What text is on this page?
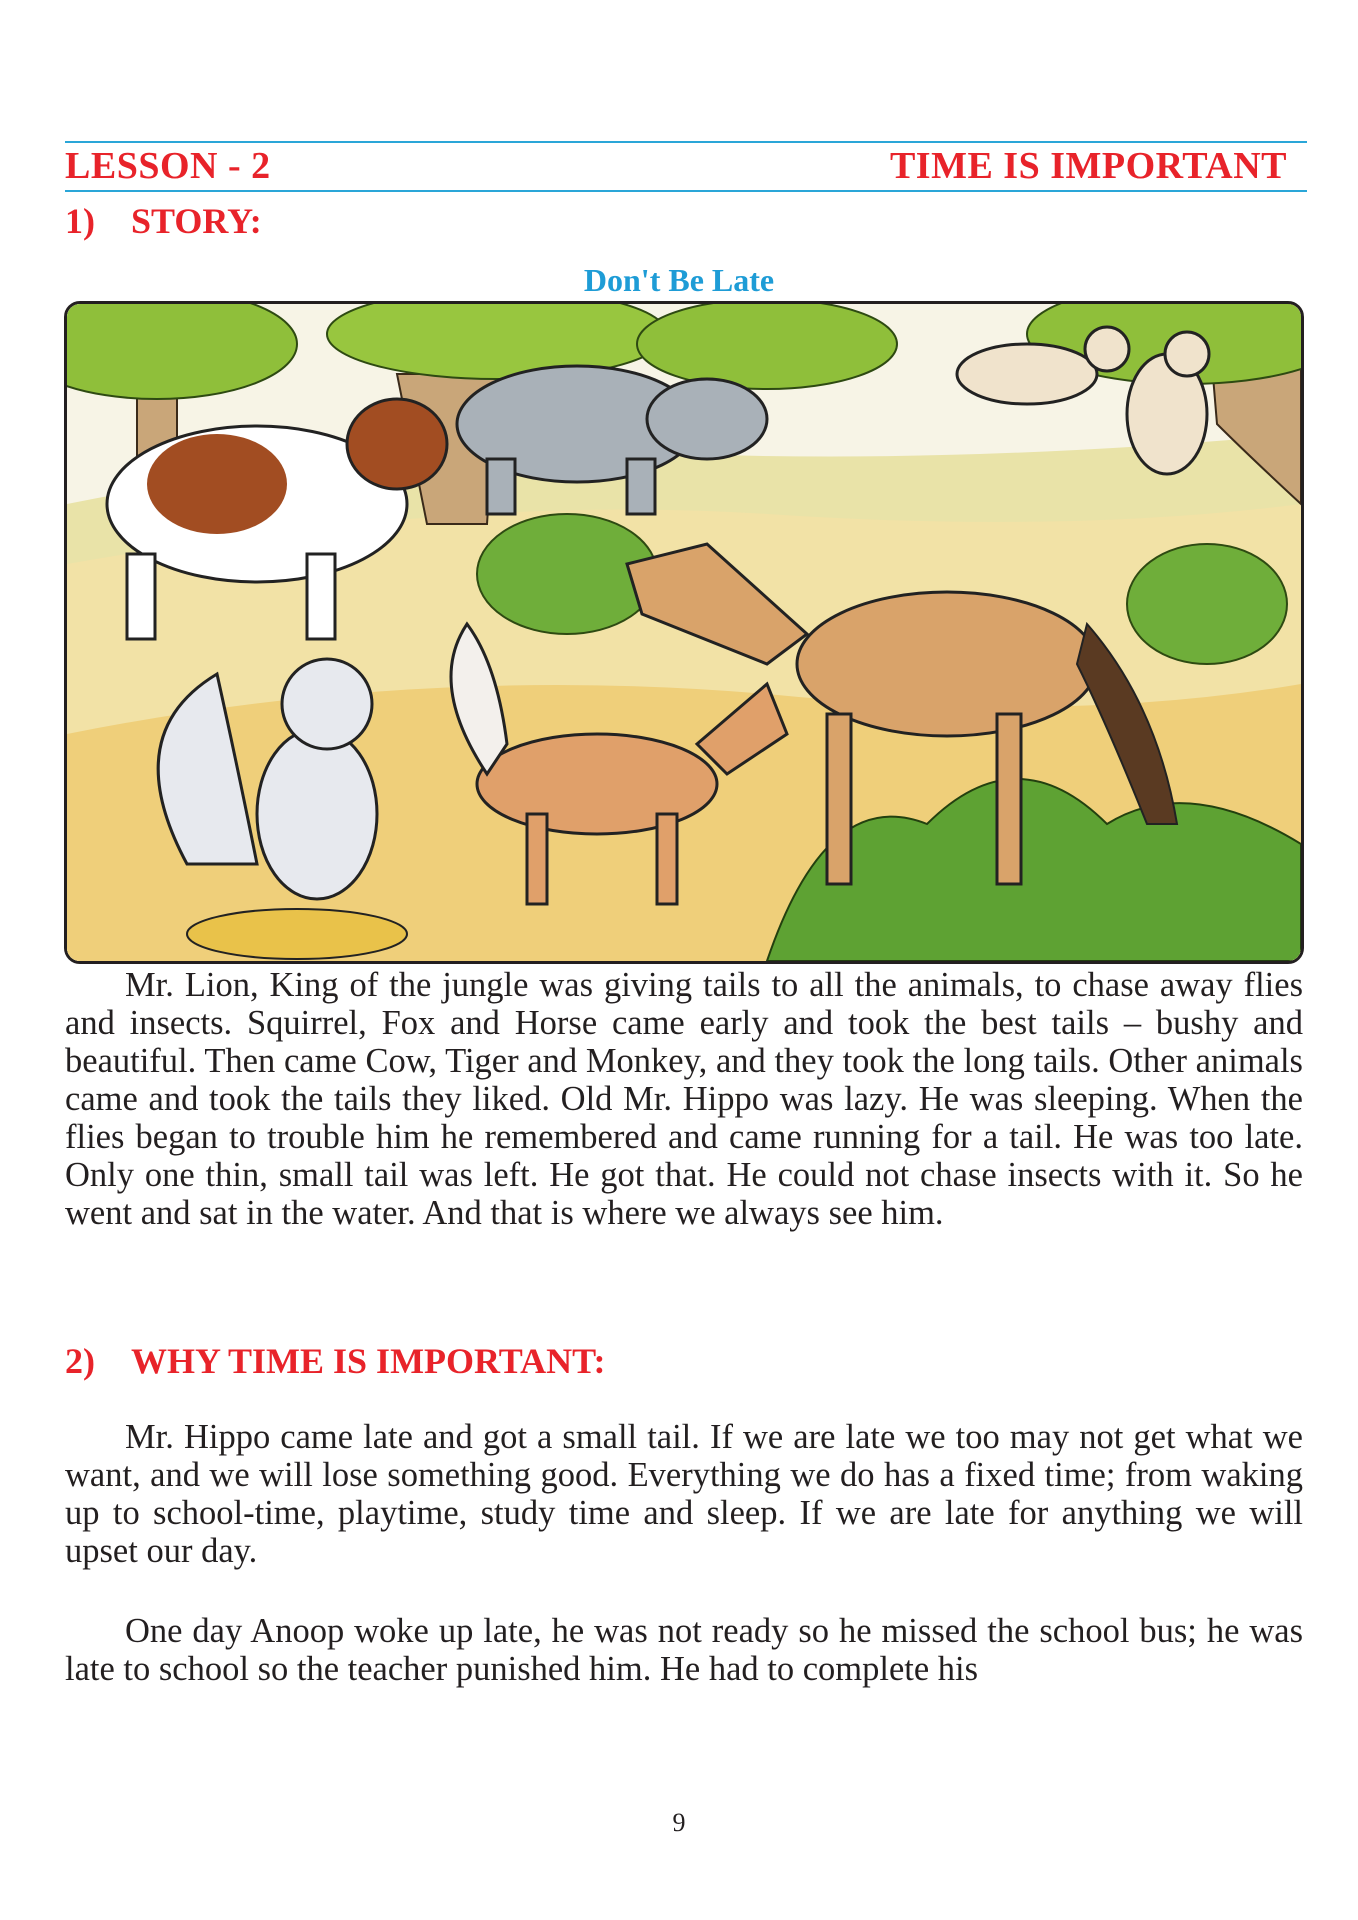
LESSON - 2	TIME IS IMPORTANT
1) STORY:
Don't Be Late

Mr. Lion, King of the jungle was giving tails to all the animals, to chase away flies and insects. Squirrel, Fox and Horse came early and took the best tails – bushy and beautiful. Then came Cow, Tiger and Monkey, and they took the long tails. Other animals came and took the tails they liked. Old Mr. Hippo was lazy. He was sleeping. When the flies began to trouble him he remembered and came running for a tail. He was too late. Only one thin, small tail was left. He got that. He could not chase insects with it. So he went and sat in the water. And that is where we always see him.

2) WHY TIME IS IMPORTANT:

Mr. Hippo came late and got a small tail. If we are late we too may not get what we want, and we will lose something good. Everything we do has a fixed time; from waking up to school-time, playtime, study time and sleep. If we are late for anything we will upset our day.

One day Anoop woke up late, he was not ready so he missed the school bus; he was late to school so the teacher punished him. He had to complete his

9
